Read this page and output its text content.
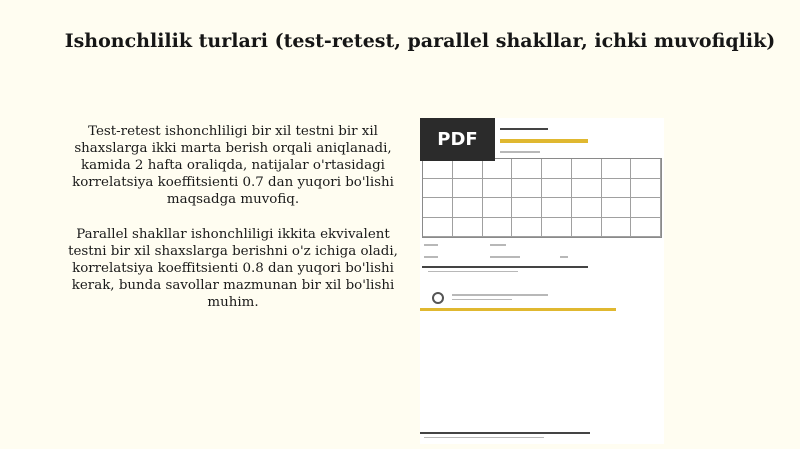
Ishonchlilik turlari (test-retest, parallel shakllar, ichki muvofiqlik)

Test-retest ishonchliligi bir xil testni bir xil shaxslarga ikki marta berish orqali aniqlanadi, kamida 2 hafta oraliqda, natijalar o'rtasidagi korrelatsiya koeffitsienti 0.7 dan yuqori bo'lishi maqsadga muvofiq.

Parallel shakllar ishonchliligi ikkita ekvivalent testni bir xil shaxslarga berishni o'z ichiga oladi, korrelatsiya koeffitsienti 0.8 dan yuqori bo'lishi kerak, bunda savollar mazmunan bir xil bo'lishi muhim.

PDF
